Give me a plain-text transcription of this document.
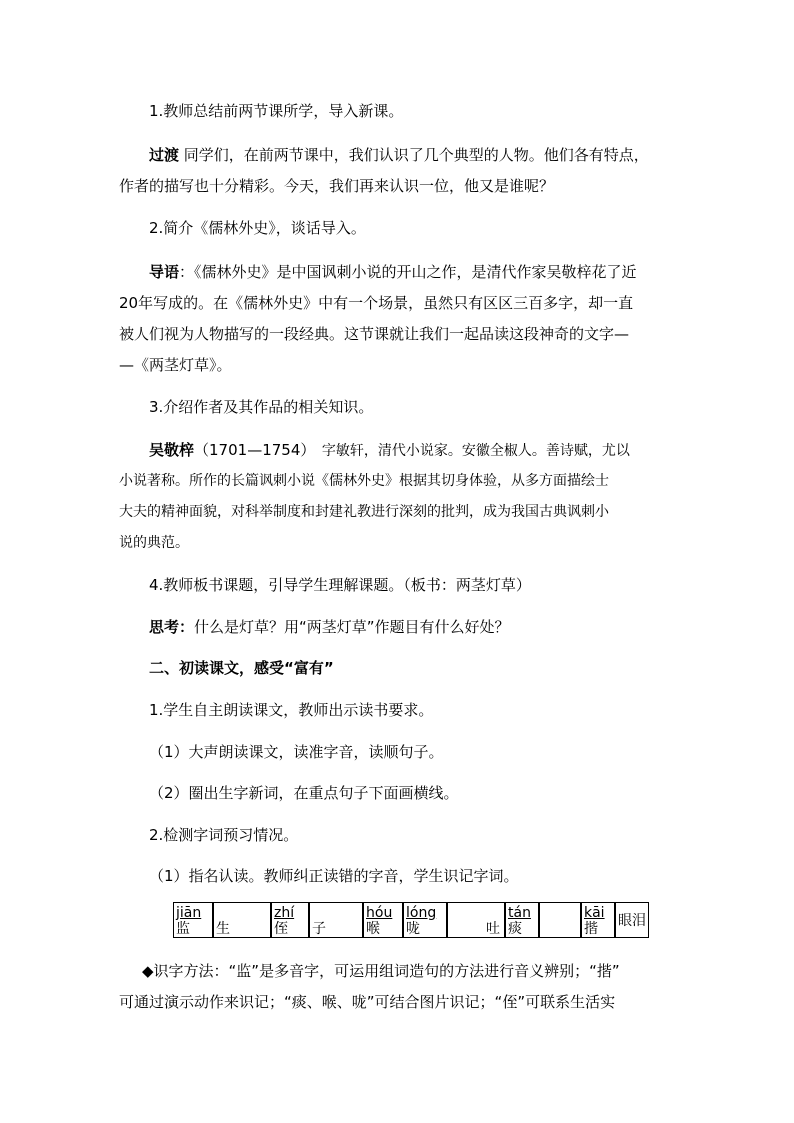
1.教师总结前两节课所学，导入新课。
过渡 同学们，在前两节课中，我们认识了几个典型的人物。他们各有特点，
作者的描写也十分精彩。今天，我们再来认识一位，他又是谁呢？
2.简介《儒林外史》，谈话导入。
导语：《儒林外史》是中国讽刺小说的开山之作，是清代作家吴敬梓花了近
20年写成的。在《儒林外史》中有一个场景，虽然只有区区三百多字，却一直
被人们视为人物描写的一段经典。这节课就让我们一起品读这段神奇的文字—
—《两茎灯草》。
3.介绍作者及其作品的相关知识。
吴敬梓（1701—1754）　字敏轩，清代小说家。安徽全椒人。善诗赋，尤以
小说著称。所作的长篇讽刺小说《儒林外史》根据其切身体验，从多方面描绘士
大夫的精神面貌，对科举制度和封建礼教进行深刻的批判，成为我国古典讽刺小
说的典范。
4.教师板书课题，引导学生理解课题。（板书：两茎灯草）
思考：什么是灯草？用“两茎灯草”作题目有什么好处？
二、初读课文，感受“富有”
1.学生自主朗读课文，教师出示读书要求。
（1）大声朗读课文，读准字音，读顺句子。
（2）圈出生字新词，在重点句子下面画横线。
2.检测字词预习情况。
（1）指名认读。教师纠正读错的字音，学生识记字词。
jiān
监 生
zhí
侄 子
hóu
喉
lóng
咙	吐
tán
痰
kāi
揩 眼泪
◆识字方法：“监”是多音字，可运用组词造句的方法进行音义辨别；“揩”
可通过演示动作来识记；“痰、喉、咙”可结合图片识记；“侄”可联系生活实
